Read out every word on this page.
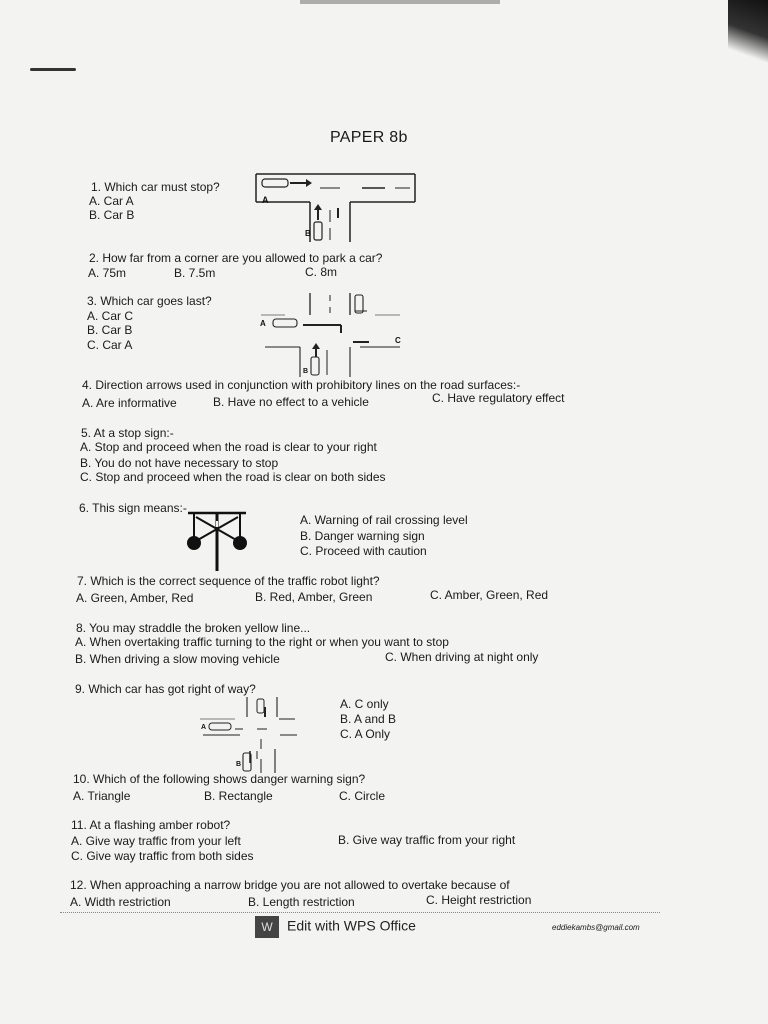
PAPER 8b
1. Which car must stop?
A. Car A
B. Car B
A
B
2. How far from a corner are you allowed to park a car?
A. 75m	B. 7.5m	C. 8m
3. Which car goes last?
A. Car C
B. Car B
C. Car A
A
B
C
4. Direction arrows used in conjunction with prohibitory lines on the road surfaces:-
A. Are informative	B. Have no effect to a vehicle	C. Have regulatory effect
5. At a stop sign:-
A. Stop and proceed when the road is clear to your right
B. You do not have necessary to stop
C. Stop and proceed when the road is clear on both sides
6. This sign means:-
A. Warning of rail crossing level
B. Danger warning sign
C. Proceed with caution
7. Which is the correct sequence of the traffic robot light?
A. Green, Amber, Red	B. Red, Amber, Green	C. Amber, Green, Red
8. You may straddle the broken yellow line...
A. When overtaking traffic turning to the right or when you want to stop
B. When driving a slow moving vehicle	C. When driving at night only
9. Which car has got right of way?
A
B
A. C only
B. A and B
C. A Only
10. Which of the following shows danger warning sign?
A. Triangle	B. Rectangle	C. Circle
11. At a flashing amber robot?
A. Give way traffic from your left	B. Give way traffic from your right
C. Give way traffic from both sides
12. When approaching a narrow bridge you are not allowed to overtake because of
A. Width restriction	B. Length restriction	C. Height restriction
W Edit with WPS Office	eddiekambs@gmail.com
